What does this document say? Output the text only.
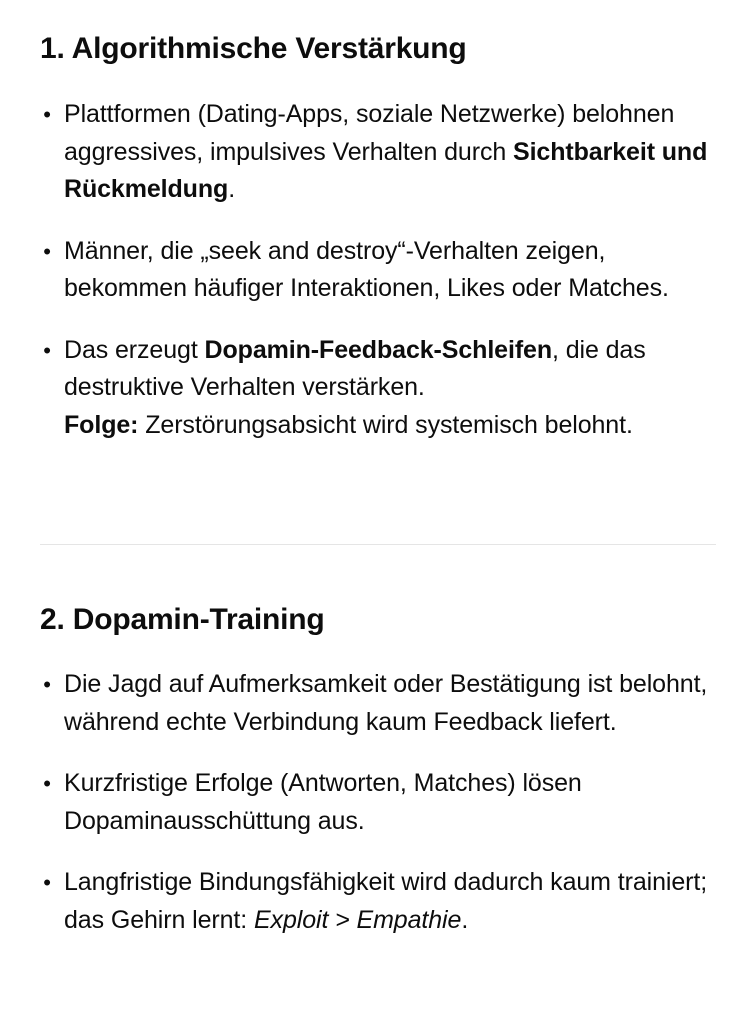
1. Algorithmische Verstärkung
• Plattformen (Dating-Apps, soziale Netzwerke) belohnen aggressives, impulsives Verhalten durch Sichtbarkeit und Rückmeldung.
• Männer, die „seek and destroy“-Verhalten zeigen, bekommen häufiger Interaktionen, Likes oder Matches.
• Das erzeugt Dopamin-Feedback-Schleifen, die das destruktive Verhalten verstärken.
Folge: Zerstörungsabsicht wird systemisch belohnt.
2. Dopamin-Training
• Die Jagd auf Aufmerksamkeit oder Bestätigung ist belohnt, während echte Verbindung kaum Feedback liefert.
• Kurzfristige Erfolge (Antworten, Matches) lösen Dopaminausschüttung aus.
• Langfristige Bindungsfähigkeit wird dadurch kaum trainiert; das Gehirn lernt: Exploit > Empathie.
